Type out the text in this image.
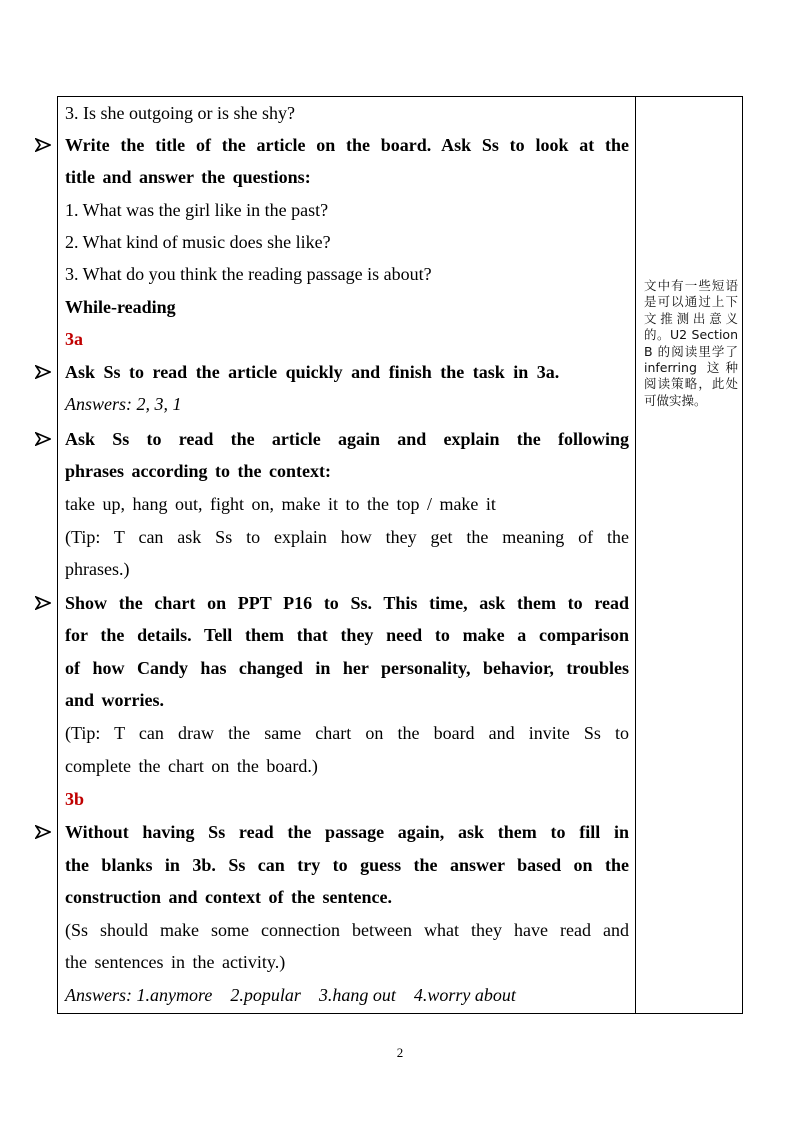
3. Is she outgoing or is she shy?
Write the title of the article on the board. Ask Ss to look at the
title and answer the questions:
1. What was the girl like in the past?
2. What kind of music does she like?
3. What do you think the reading passage is about?
While-reading
3a
Ask Ss to read the article quickly and finish the task in 3a.
Answers: 2, 3, 1
Ask Ss to read the article again and explain the following
phrases according to the context:
take up, hang out, fight on, make it to the top / make it
(Tip: T can ask Ss to explain how they get the meaning of the
phrases.)
Show the chart on PPT P16 to Ss. This time, ask them to read
for the details. Tell them that they need to make a comparison
of how Candy has changed in her personality, behavior, troubles
and worries.
(Tip: T can draw the same chart on the board and invite Ss to
complete the chart on the board.)
3b
Without having Ss read the passage again, ask them to fill in
the blanks in 3b. Ss can try to guess the answer based on the
construction and context of the sentence.
(Ss should make some connection between what they have read and
the sentences in the activity.)
Answers: 1.anymore    2.popular    3.hang out    4.worry about
文中有一些短语是可以通过上下文推测出意义的。U2 Section B 的阅读里学了 inferring 这种阅读策略，此处可做实操。
2
